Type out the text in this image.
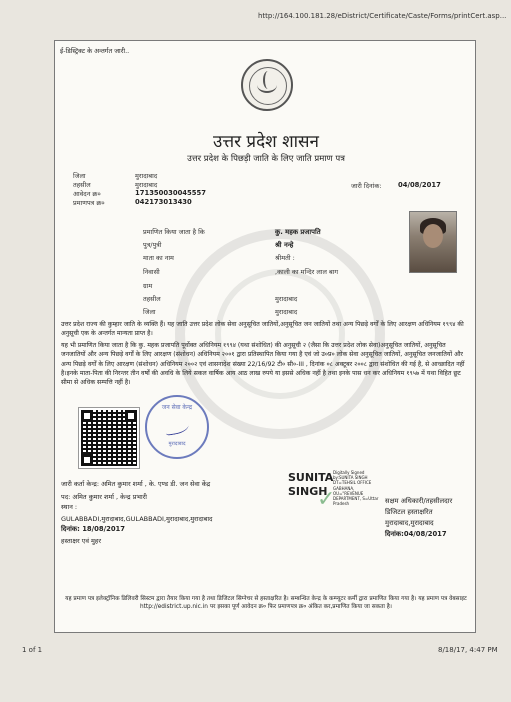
http://164.100.181.28/eDistrict/Certificate/Caste/Forms/printCert.asp...
ई-डिस्ट्रिक्ट के अन्तर्गत जारी..
उत्तर प्रदेश शासन
उत्तर प्रदेश के पिछड़ी जाति के लिए जाति प्रमाण पत्र
जिला	मुरादाबाद
तहसील	मुरादाबाद
आवेदन क्र०	171350030045557
प्रमाणपत्र क्र०	042173013430
जारी दिनांक: 04/08/2017
प्रमाणित किया जाता है कि	कु. महक प्रजापति
पुत्र/पुत्री	श्री नन्हे
माता का नाम	श्रीमती :
निवासी	,काली का मन्दिर लाल बाग
ग्राम
तहसील	मुरादाबाद
जिला	मुरादाबाद
उत्तर प्रदेश राज्य की कुम्हार जाति के व्यक्ति हैं। यह जाति उत्तर प्रदेश लोक सेवा अनुसूचित जातियों,अनुसूचित जन जातियों तथा अन्य पिछड़े वर्गों के लिए आरक्षण अधिनियम १९९४ की अनुसूची एक के अन्तर्गत मान्यता प्राप्त है।
यह भी प्रमाणित किया जाता है कि कु. महक प्रजापति पूर्वोक्त अधिनियम १९९४ (यथा संशोधित) की अनुसूची २ (जैसा कि उत्तर प्रदेश लोक सेवा)अनुसूचित जातियों, अनुसूचित जनजातियों और अन्य पिछड़े वर्गों के लिए आरक्षण (संशोधन) अधिनियम २००१ द्वारा प्रतिस्थापित किया गया है एवं जो उ०प्र० लोक सेवा अनुसूचित जातियों, अनुसूचित जनजातियों और अन्य पिछड़े वर्गों के लिए आरक्षण (संशोधन) अधिनियम २००२ एवं शासनादेश संख्या 22/16/92 टी० सी०-III , दिनांक ०८ अक्टूबर २००८ द्वारा संशोधित की गई है, से आच्छादित नहीं है।इनके माता-पिता की निरन्तर तीन वर्षों की अवधि के लिये सकल वार्षिक आय आठ लाख रुपये या इससे अधिक नहीं है तथा इनके पास धन कर अधिनियम १९५७ में यथा विहित छूट सीमा से अधिक सम्पत्ति नहीं है।
जन सेवा केन्द्र
मुरादाबाद
जारी कर्ता केन्द्र: अमित कुमार शर्मा , के. एण्ड डी. जन सेवा केंद्र
पद: अमित कुमार शर्मा , केन्द्र प्रभारी
स्थान :
GULABBADI,मुरादाबाद,GULABBADI,मुरादाबाद,मुरादाबाद
दिनांक: 18/08/2017
हस्ताक्षर एवं मुहर
✓
SUNITA
SINGH
Digitally Signed by:SUNITA SINGH DT=TEHSIL OFFICE GABHANA, OU="REVENUE DEPARTMENT, S=Uttar Pradesh	सक्षम अधिकारी/तहसीलदार
डिजिटल हस्ताक्षरित
मुरादाबाद,मुरादाबाद
दिनांक:04/08/2017
यह प्रमाण पत्र इलेक्ट्रॉनिक डिलिवरी सिस्टम द्वारा तैयार किया गया है तथा डिजिटल सिग्नेचर से हस्ताक्षरित है। सम्बन्धित केन्द्र के कम्प्यूटर कर्मी द्वारा प्रमाणित किया गया है। यह प्रमाण पत्र वेबसाइट http://edistrict.up.nic.in पर इसका पूर्ण आवेदन क्र० फिर प्रमाणपत्र क्र० अंकित कर,प्रमाणित किया जा सकता है।
1 of 1	8/18/17, 4:47 PM
